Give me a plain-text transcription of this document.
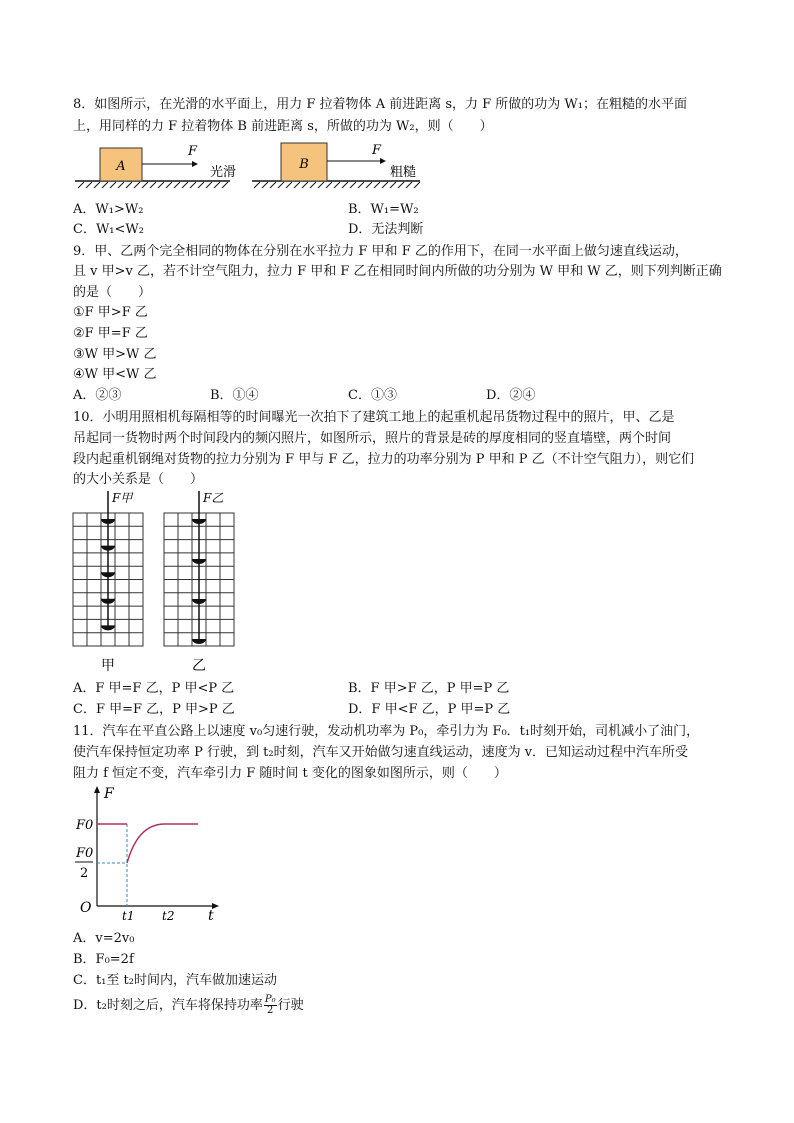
8．如图所示，在光滑的水平面上，用力 F 拉着物体 A 前进距离 s，力 F 所做的功为 W₁；在粗糙的水平面
上，用同样的力 F 拉着物体 B 前进距离 s，所做的功为 W₂，则（　　）
A
F
光滑
B
F
粗糙
A．W₁>W₂	B．W₁=W₂
C．W₁<W₂	D．无法判断
9．甲、乙两个完全相同的物体在分别在水平拉力 F 甲和 F 乙的作用下，在同一水平面上做匀速直线运动，
且 v 甲>v 乙，若不计空气阻力，拉力 F 甲和 F 乙在相同时间内所做的功分别为 W 甲和 W 乙，则下列判断正确
的是（　　）
①F 甲>F 乙
②F 甲=F 乙
③W 甲>W 乙
④W 甲<W 乙
A．②③	B．①④	C．①③	D．②④
10．小明用照相机每隔相等的时间曝光一次拍下了建筑工地上的起重机起吊货物过程中的照片，甲、乙是
吊起同一货物时两个时间段内的频闪照片，如图所示，照片的背景是砖的厚度相同的竖直墙壁，两个时间
段内起重机钢绳对货物的拉力分别为 F 甲与 F 乙，拉力的功率分别为 P 甲和 P 乙（不计空气阻力），则它们
的大小关系是（　　）
F甲
甲
F乙
乙
A．F 甲=F 乙，P 甲<P 乙	B．F 甲>F 乙，P 甲=P 乙
C．F 甲=F 乙，P 甲>P 乙	D．F 甲<F 乙，P 甲=P 乙
11．汽车在平直公路上以速度 v₀匀速行驶，发动机功率为 P₀，牵引力为 F₀．t₁时刻开始，司机减小了油门，
使汽车保持恒定功率 P 行驶，到 t₂时刻，汽车又开始做匀速直线运动，速度为 v．已知运动过程中汽车所受
阻力 f 恒定不变，汽车牵引力 F 随时间 t 变化的图象如图所示，则（　　）
F
t
O
F0
F0
2
t1 t2
A．v=2v₀
B．F₀=2f
C．t₁至 t₂时间内，汽车做加速运动
D．t₂时刻之后，汽车将保持功率 $\frac{\text{P₀}}{2}$ 行驶
